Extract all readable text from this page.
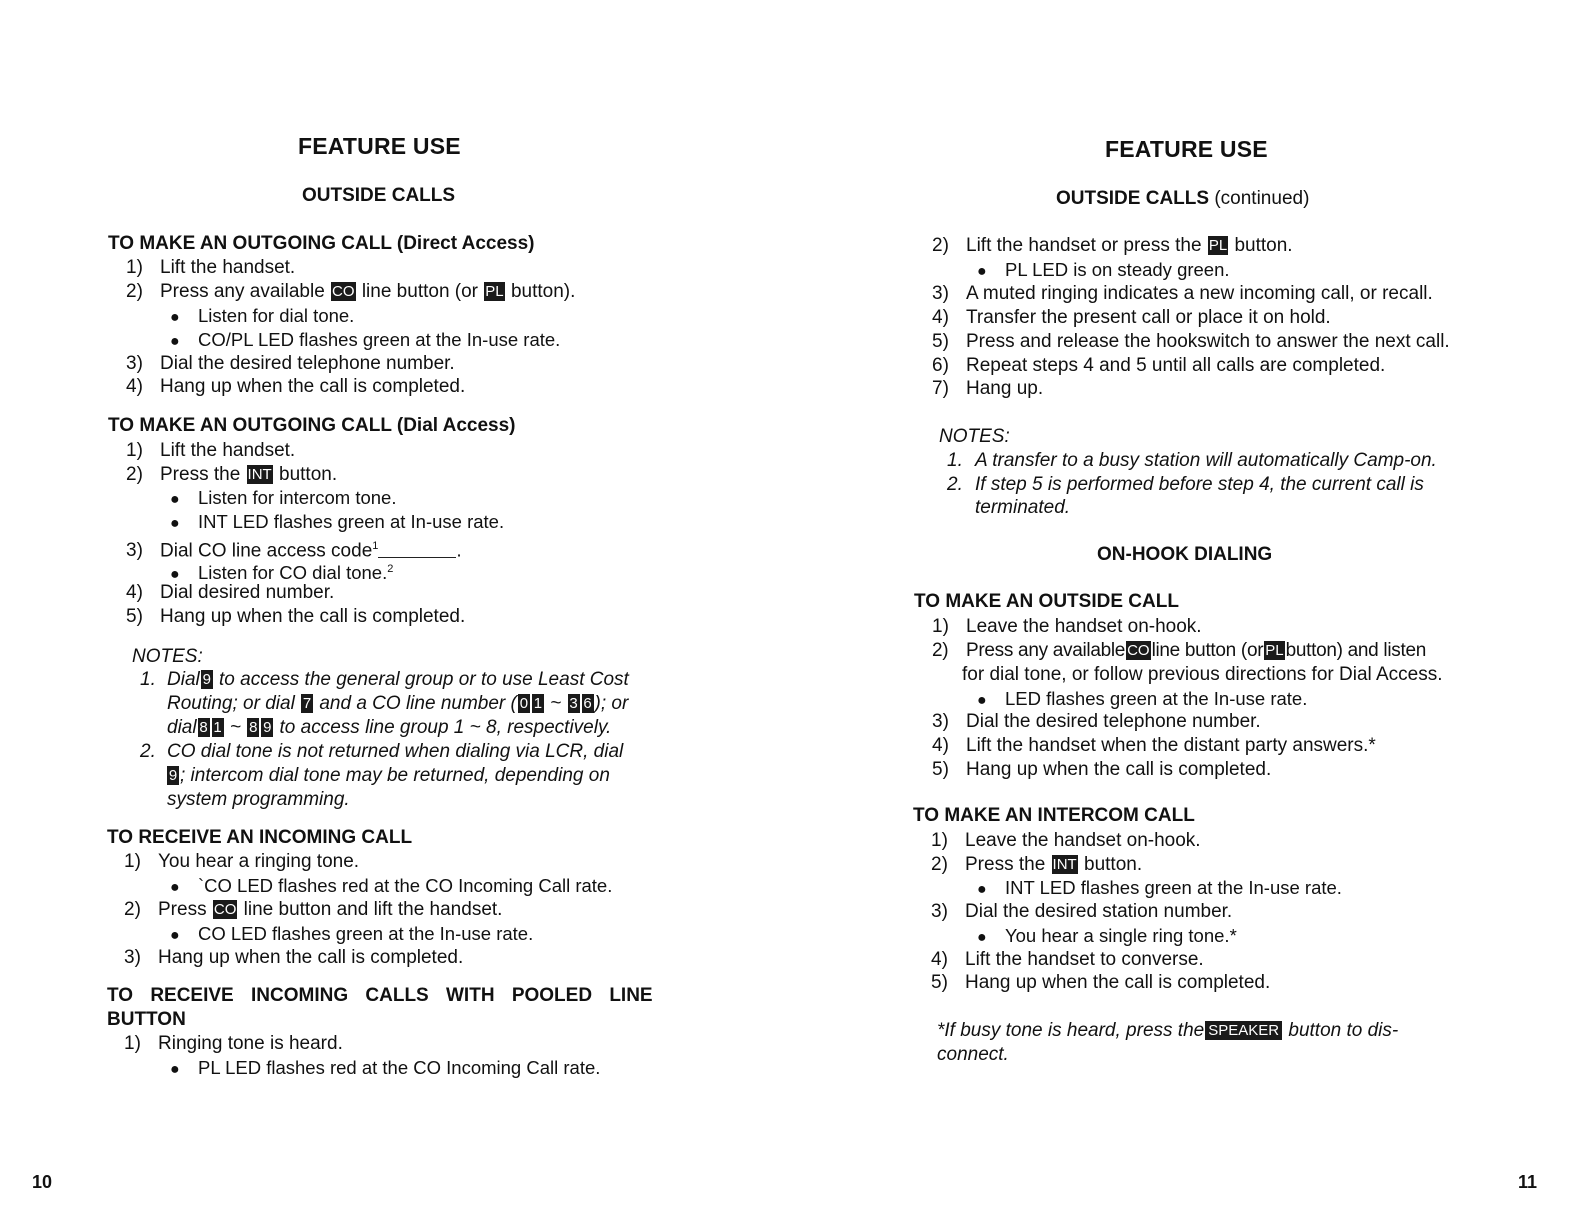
FEATURE USE
OUTSIDE CALLS
TO MAKE AN OUTGOING CALL (Direct Access)
1) Lift the handset.
2) Press any available CO line button (or PL button).
● Listen for dial tone.
● CO/PL LED flashes green at the In-use rate.
3) Dial the desired telephone number.
4) Hang up when the call is completed.
TO MAKE AN OUTGOING CALL (Dial Access)
1) Lift the handset.
2) Press the INT button.
● Listen for intercom tone.
● INT LED flashes green at In-use rate.
3) Dial CO line access code$^1$	.
● Listen for CO dial tone.$^2$
4) Dial desired number.
5) Hang up when the call is completed.
NOTES:
1. Dial 9 to access the general group or to use Least Cost
Routing; or dial 7 and a CO line number ( 0 1 ~ 3 6 ); or
dial 8 1 ~ 8 9 to access line group 1 ~ 8, respectively.
2. CO dial tone is not returned when dialing via LCR, dial
9 ; intercom dial tone may be returned, depending on
system programming.
TO RECEIVE AN INCOMING CALL
1) You hear a ringing tone.
● `CO LED flashes red at the CO Incoming Call rate.
2) Press CO line button and lift the handset.
● CO LED flashes green at the In-use rate.
3) Hang up when the call is completed.
TO RECEIVE INCOMING CALLS WITH POOLED LINE BUTTON
1) Ringing tone is heard.
● PL LED flashes red at the CO Incoming Call rate.
10
FEATURE USE
OUTSIDE CALLS (continued)
2) Lift the handset or press the PL button.
● PL LED is on steady green.
3) A muted ringing indicates a new incoming call, or recall.
4) Transfer the present call or place it on hold.
5) Press and release the hookswitch to answer the next call.
6) Repeat steps 4 and 5 until all calls are completed.
7) Hang up.
NOTES:
1. A transfer to a busy station will automatically Camp-on.
2. If step 5 is performed before step 4, the current call is
terminated.
ON-HOOK DIALING
TO MAKE AN OUTSIDE CALL
1) Leave the handset on-hook.
2) Press any available CO line button (or PL button) and listen
for dial tone, or follow previous directions for Dial Access.
● LED flashes green at the In-use rate.
3) Dial the desired telephone number.
4) Lift the handset when the distant party answers.*
5) Hang up when the call is completed.
TO MAKE AN INTERCOM CALL
1) Leave the handset on-hook.
2) Press the INT button.
● INT LED flashes green at the In-use rate.
3) Dial the desired station number.
● You hear a single ring tone.*
4) Lift the handset to converse.
5) Hang up when the call is completed.
*If busy tone is heard, press the SPEAKER button to dis-
connect.
11
